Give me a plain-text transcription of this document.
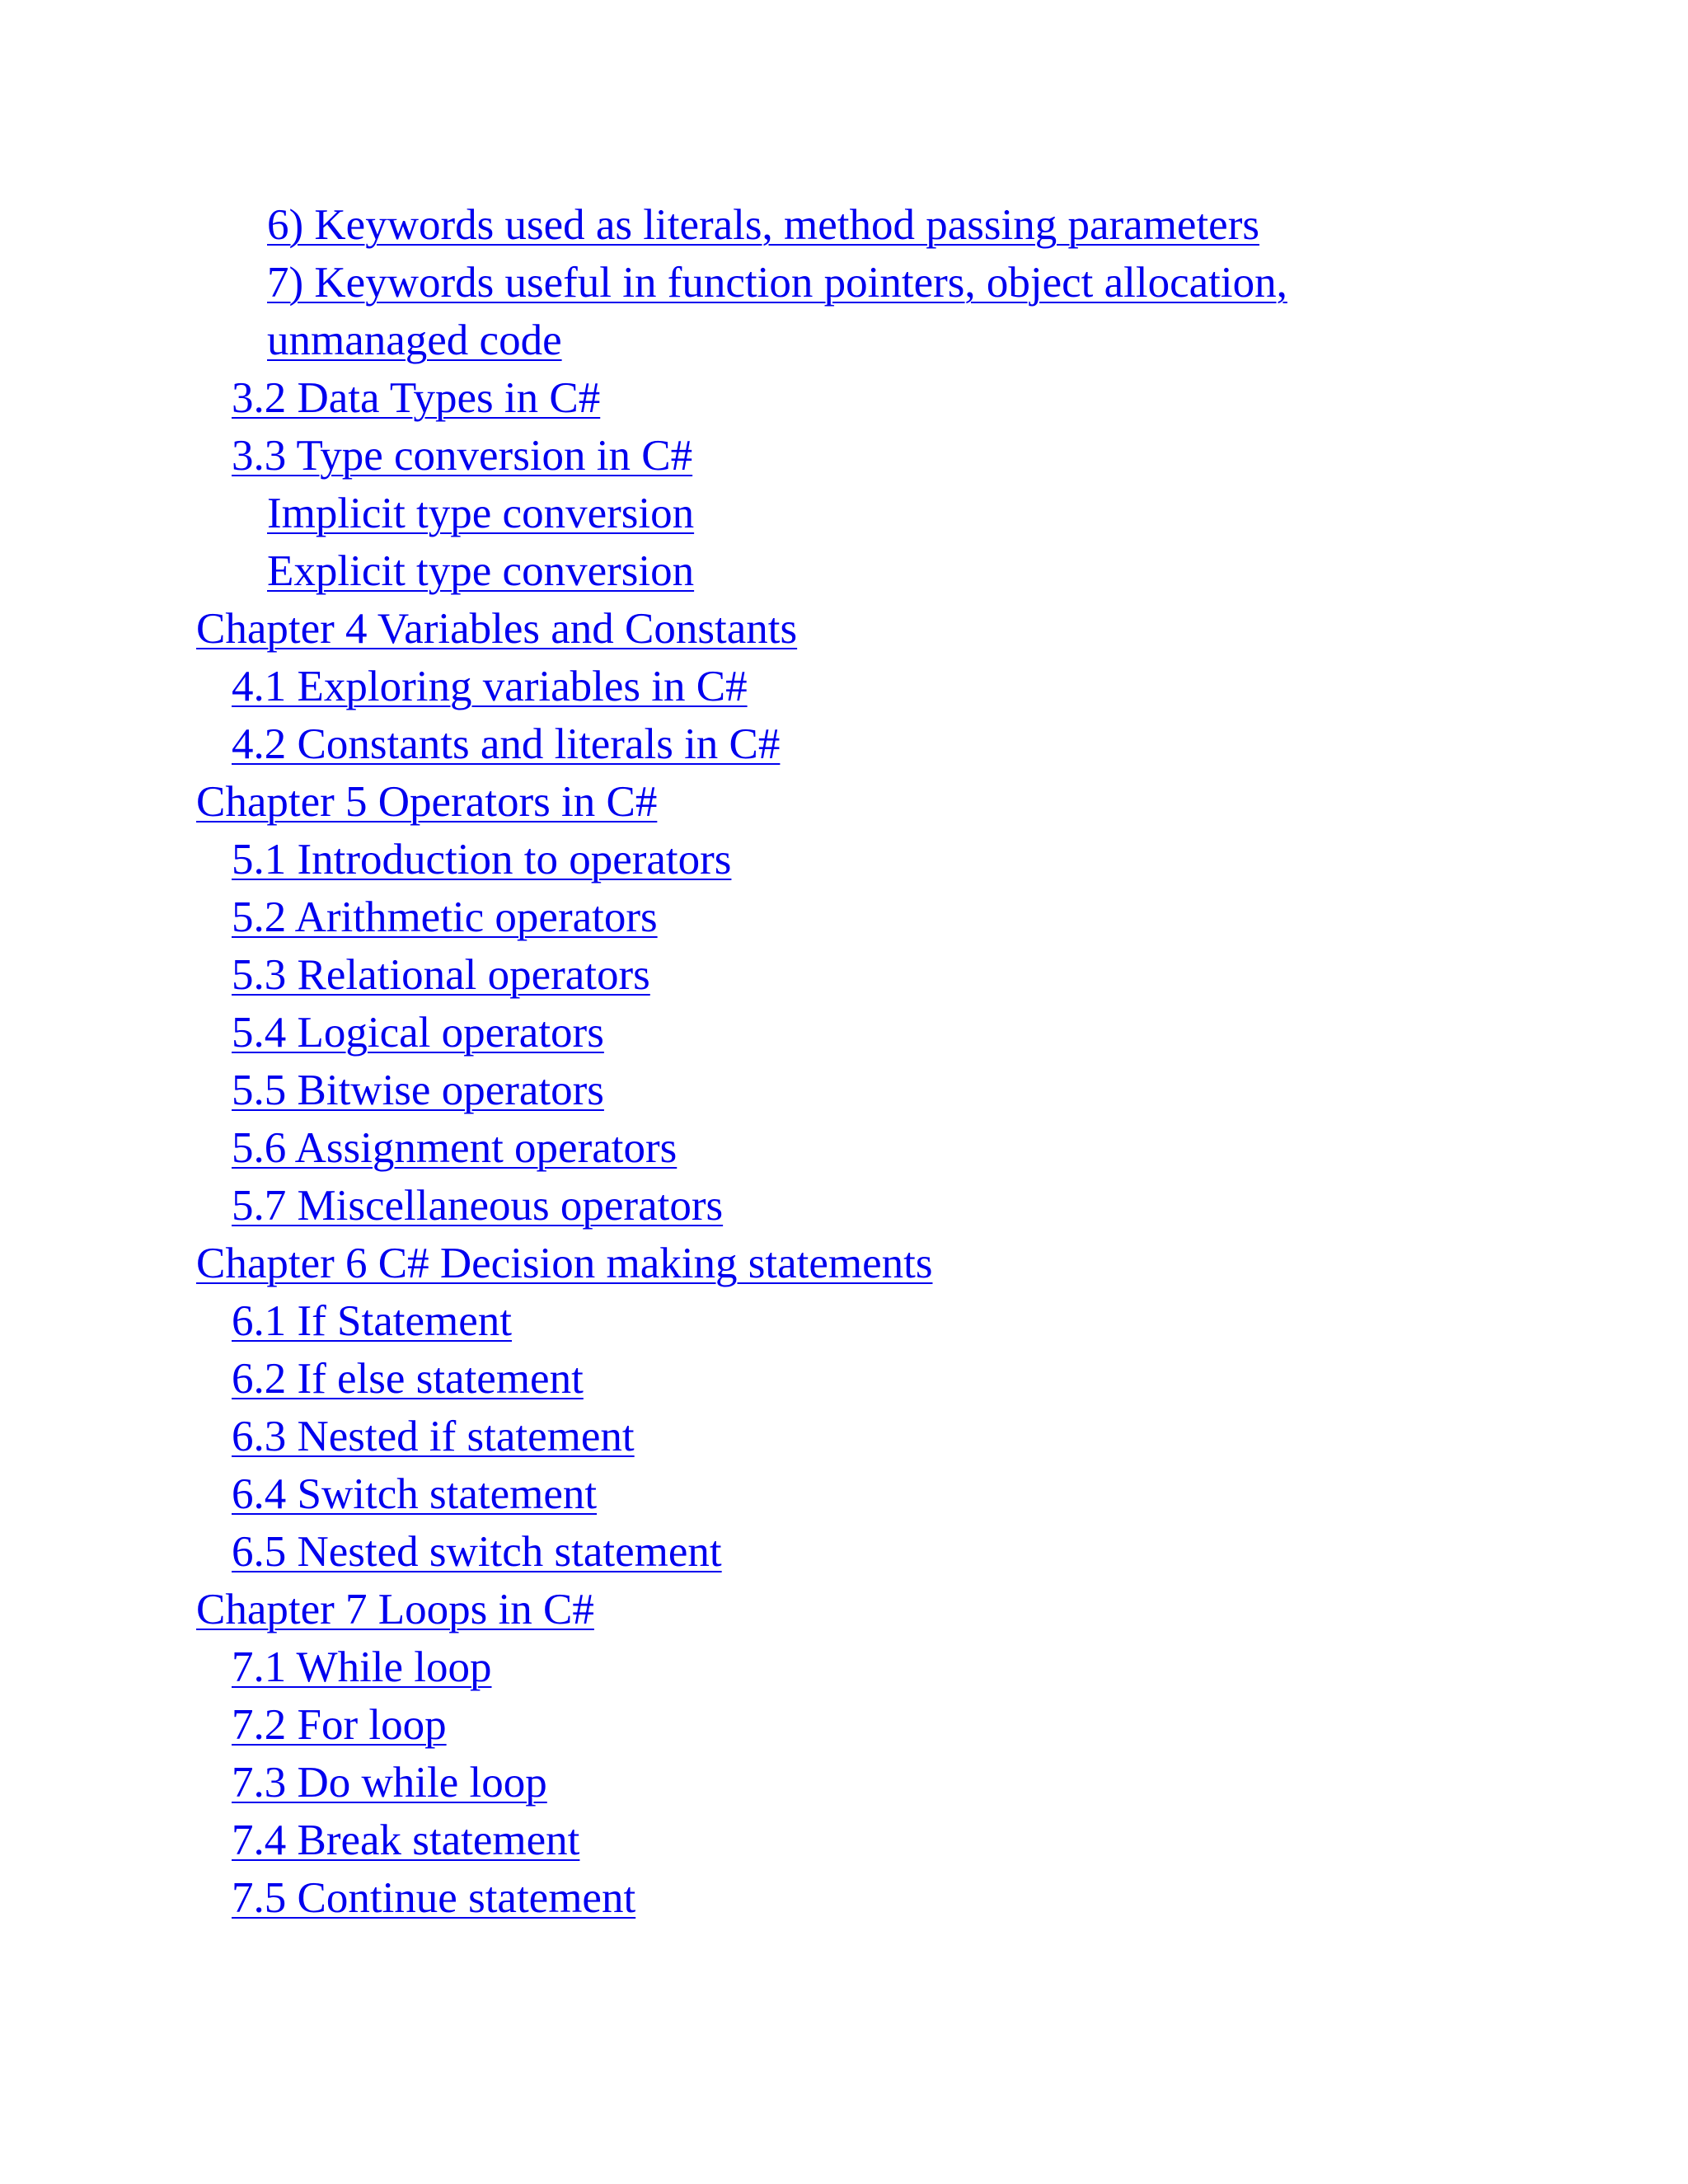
6) Keywords used as literals, method passing parameters
7) Keywords useful in function pointers, object allocation,
unmanaged code
3.2 Data Types in C#
3.3 Type conversion in C#
Implicit type conversion
Explicit type conversion
Chapter 4 Variables and Constants
4.1 Exploring variables in C#
4.2 Constants and literals in C#
Chapter 5 Operators in C#
5.1 Introduction to operators
5.2 Arithmetic operators
5.3 Relational operators
5.4 Logical operators
5.5 Bitwise operators
5.6 Assignment operators
5.7 Miscellaneous operators
Chapter 6 C# Decision making statements
6.1 If Statement
6.2 If else statement
6.3 Nested if statement
6.4 Switch statement
6.5 Nested switch statement
Chapter 7 Loops in C#
7.1 While loop
7.2 For loop
7.3 Do while loop
7.4 Break statement
7.5 Continue statement
